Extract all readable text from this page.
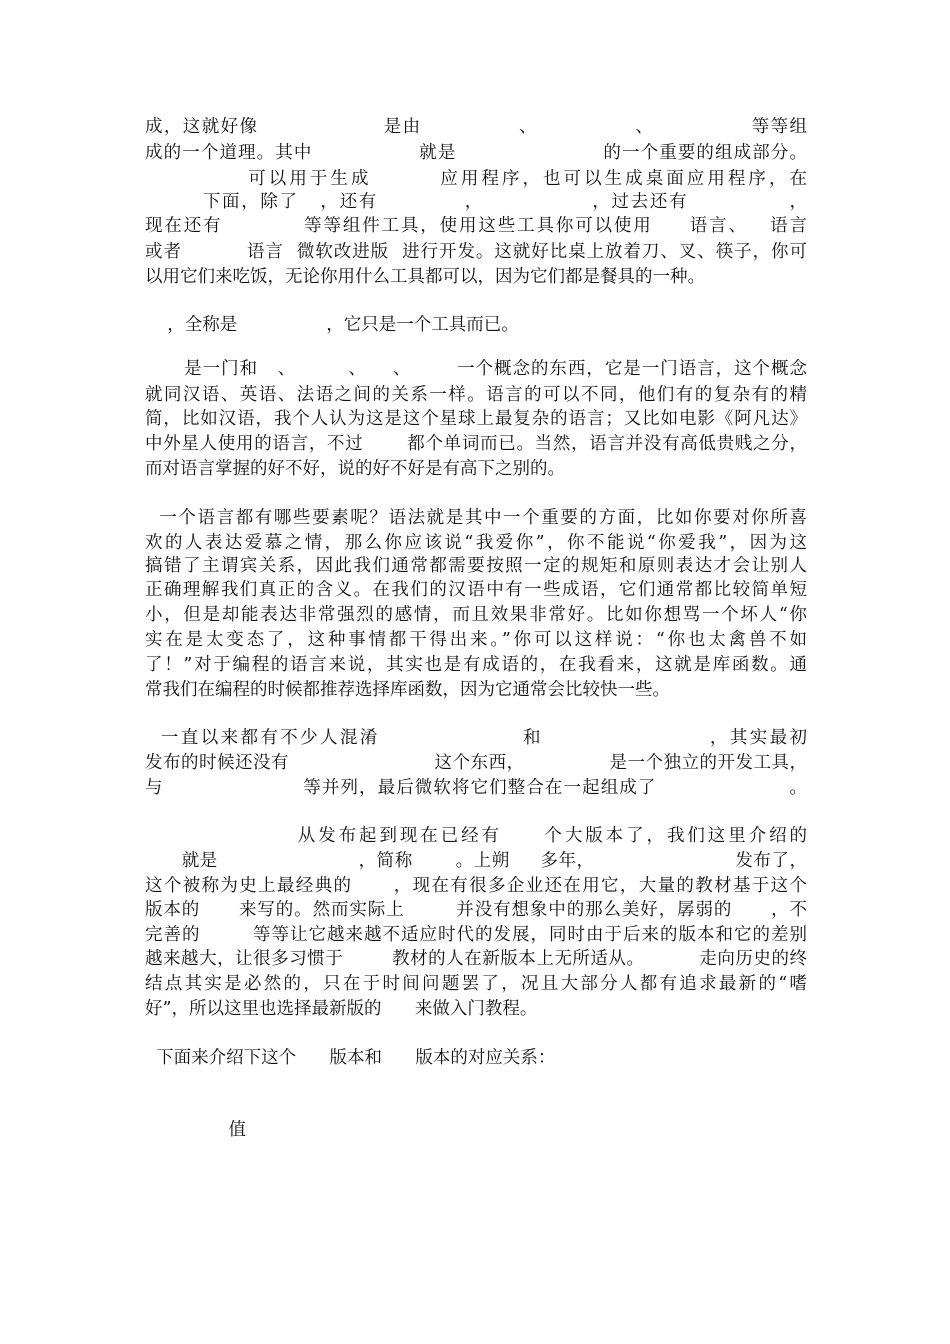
成，这就好像                  是由              、              、              等等组

成的一个道理。其中                就是                      的一个重要的组成部分。

可以用于生成        应用程序，也可以生成桌面应用程序，在

下面，除了   ，还有            ，               ，过去还有              ，

现在还有           等等组件工具，使用这些工具你可以使用     语言、   语言

或者          语言  微软改进版  进行开发。这就好比桌上放着刀、叉、筷子，你可

以用它们来吃饭，无论你用什么工具都可以，因为它们都是餐具的一种。

，全称是                ，它只是一个工具而已。

是一门和   、        、    、       一个概念的东西，它是一门语言，这个概念

就同汉语、英语、法语之间的关系一样。语言的可以不同，他们有的复杂有的精

简，比如汉语，我个人认为这是这个星球上最复杂的语言；又比如电影《阿凡达》

中外星人使用的语言，不过       都个单词而已。当然，语言并没有高低贵贱之分，

而对语言掌握的好不好，说的好不好是有高下之别的。

一个语言都有哪些要素呢？语法就是其中一个重要的方面，比如你要对你所喜

欢的人表达爱慕之情，那么你应该说“我爱你”，你不能说“你爱我”，因为这

搞错了主谓宾关系，因此我们通常都需要按照一定的规矩和原则表达才会让别人

正确理解我们真正的含义。在我们的汉语中有一些成语，它们通常都比较简单短

小，但是却能表达非常强烈的感情，而且效果非常好。比如你想骂一个坏人“你

实在是太变态了，这种事情都干得出来。”你可以这样说：“你也太禽兽不如

了！”对于编程的语言来说，其实也是有成语的，在我看来，这就是库函数。通

常我们在编程的时候都推荐选择库函数，因为它通常会比较快一些。

一直以来都有不少人混淆                  和                     ，其实最初

发布的时候还没有                        这个东西，              是一个独立的开发工具，

与                     等并列，最后微软将它们整合在一起组成了                    。

从发布起到现在已经有     个大版本了，我们这里介绍的

就是                       ，简称       。上朔     多年，                       发布了，

这个被称为史上最经典的      ，现在有很多企业还在用它，大量的教材基于这个

版本的      来写的。然而实际上        并没有想象中的那么美好，孱弱的      ，不

完善的        等等让它越来越不适应时代的发展，同时由于后来的版本和它的差别

越来越大，让很多习惯于        教材的人在新版本上无所适从。         走向历史的终

结点其实是必然的，只在于时间问题罢了，况且大部分人都有追求最新的“嗜

好”，所以这里也选择最新版的      来做入门教程。

下面来介绍下这个      版本和      版本的对应关系：

值
